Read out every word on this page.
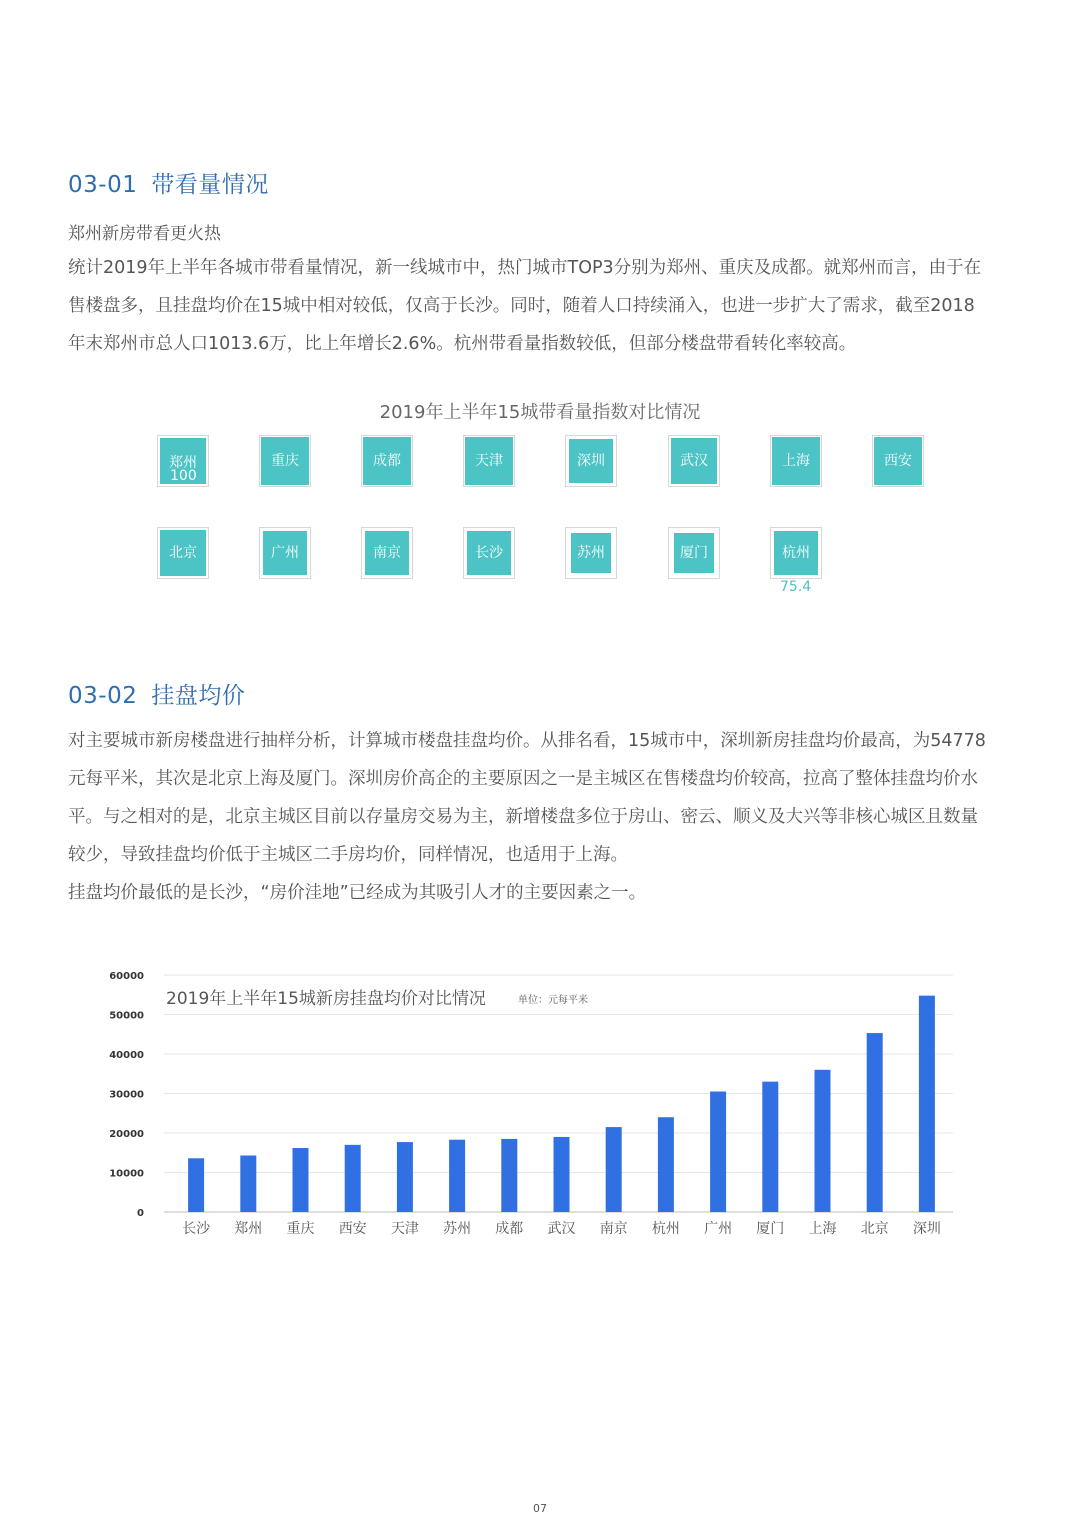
03-01 带看量情况

郑州新房带看更火热

统计2019年上半年各城市带看量情况，新一线城市中，热门城市TOP3分别为郑州、重庆及成都。就郑州而言，由于在
售楼盘多，且挂盘均价在15城中相对较低，仅高于长沙。同时，随着人口持续涌入，也进一步扩大了需求，截至2018
年末郑州市总人口1013.6万，比上年增长2.6%。杭州带看量指数较低，但部分楼盘带看转化率较高。

2019年上半年15城带看量指数对比情况

郑州	重庆	成都	天津	深圳	武汉	上海	西安
北京	广州	南京	长沙	苏州	厦门	杭州
03-02 挂盘均价

对主要城市新房楼盘进行抽样分析，计算城市楼盘挂盘均价。从排名看，15城市中，深圳新房挂盘均价最高，为54778
元每平米，其次是北京上海及厦门。深圳房价高企的主要原因之一是主城区在售楼盘均价较高，拉高了整体挂盘均价水
平。与之相对的是，北京主城区目前以存量房交易为主，新增楼盘多位于房山、密云、顺义及大兴等非核心城区且数量
较少，导致挂盘均价低于主城区二手房均价，同样情况，也适用于上海。
挂盘均价最低的是长沙，“房价洼地”已经成为其吸引人才的主要因素之一。

0
10000
20000
30000
40000
50000
60000
长沙 郑州 重庆 西安 天津 苏州 成都 武汉 南京 杭州 广州 厦门 上海 北京 深圳
2019年上半年15城新房挂盘均价对比情况	单位：元每平米
07
100
75.4
